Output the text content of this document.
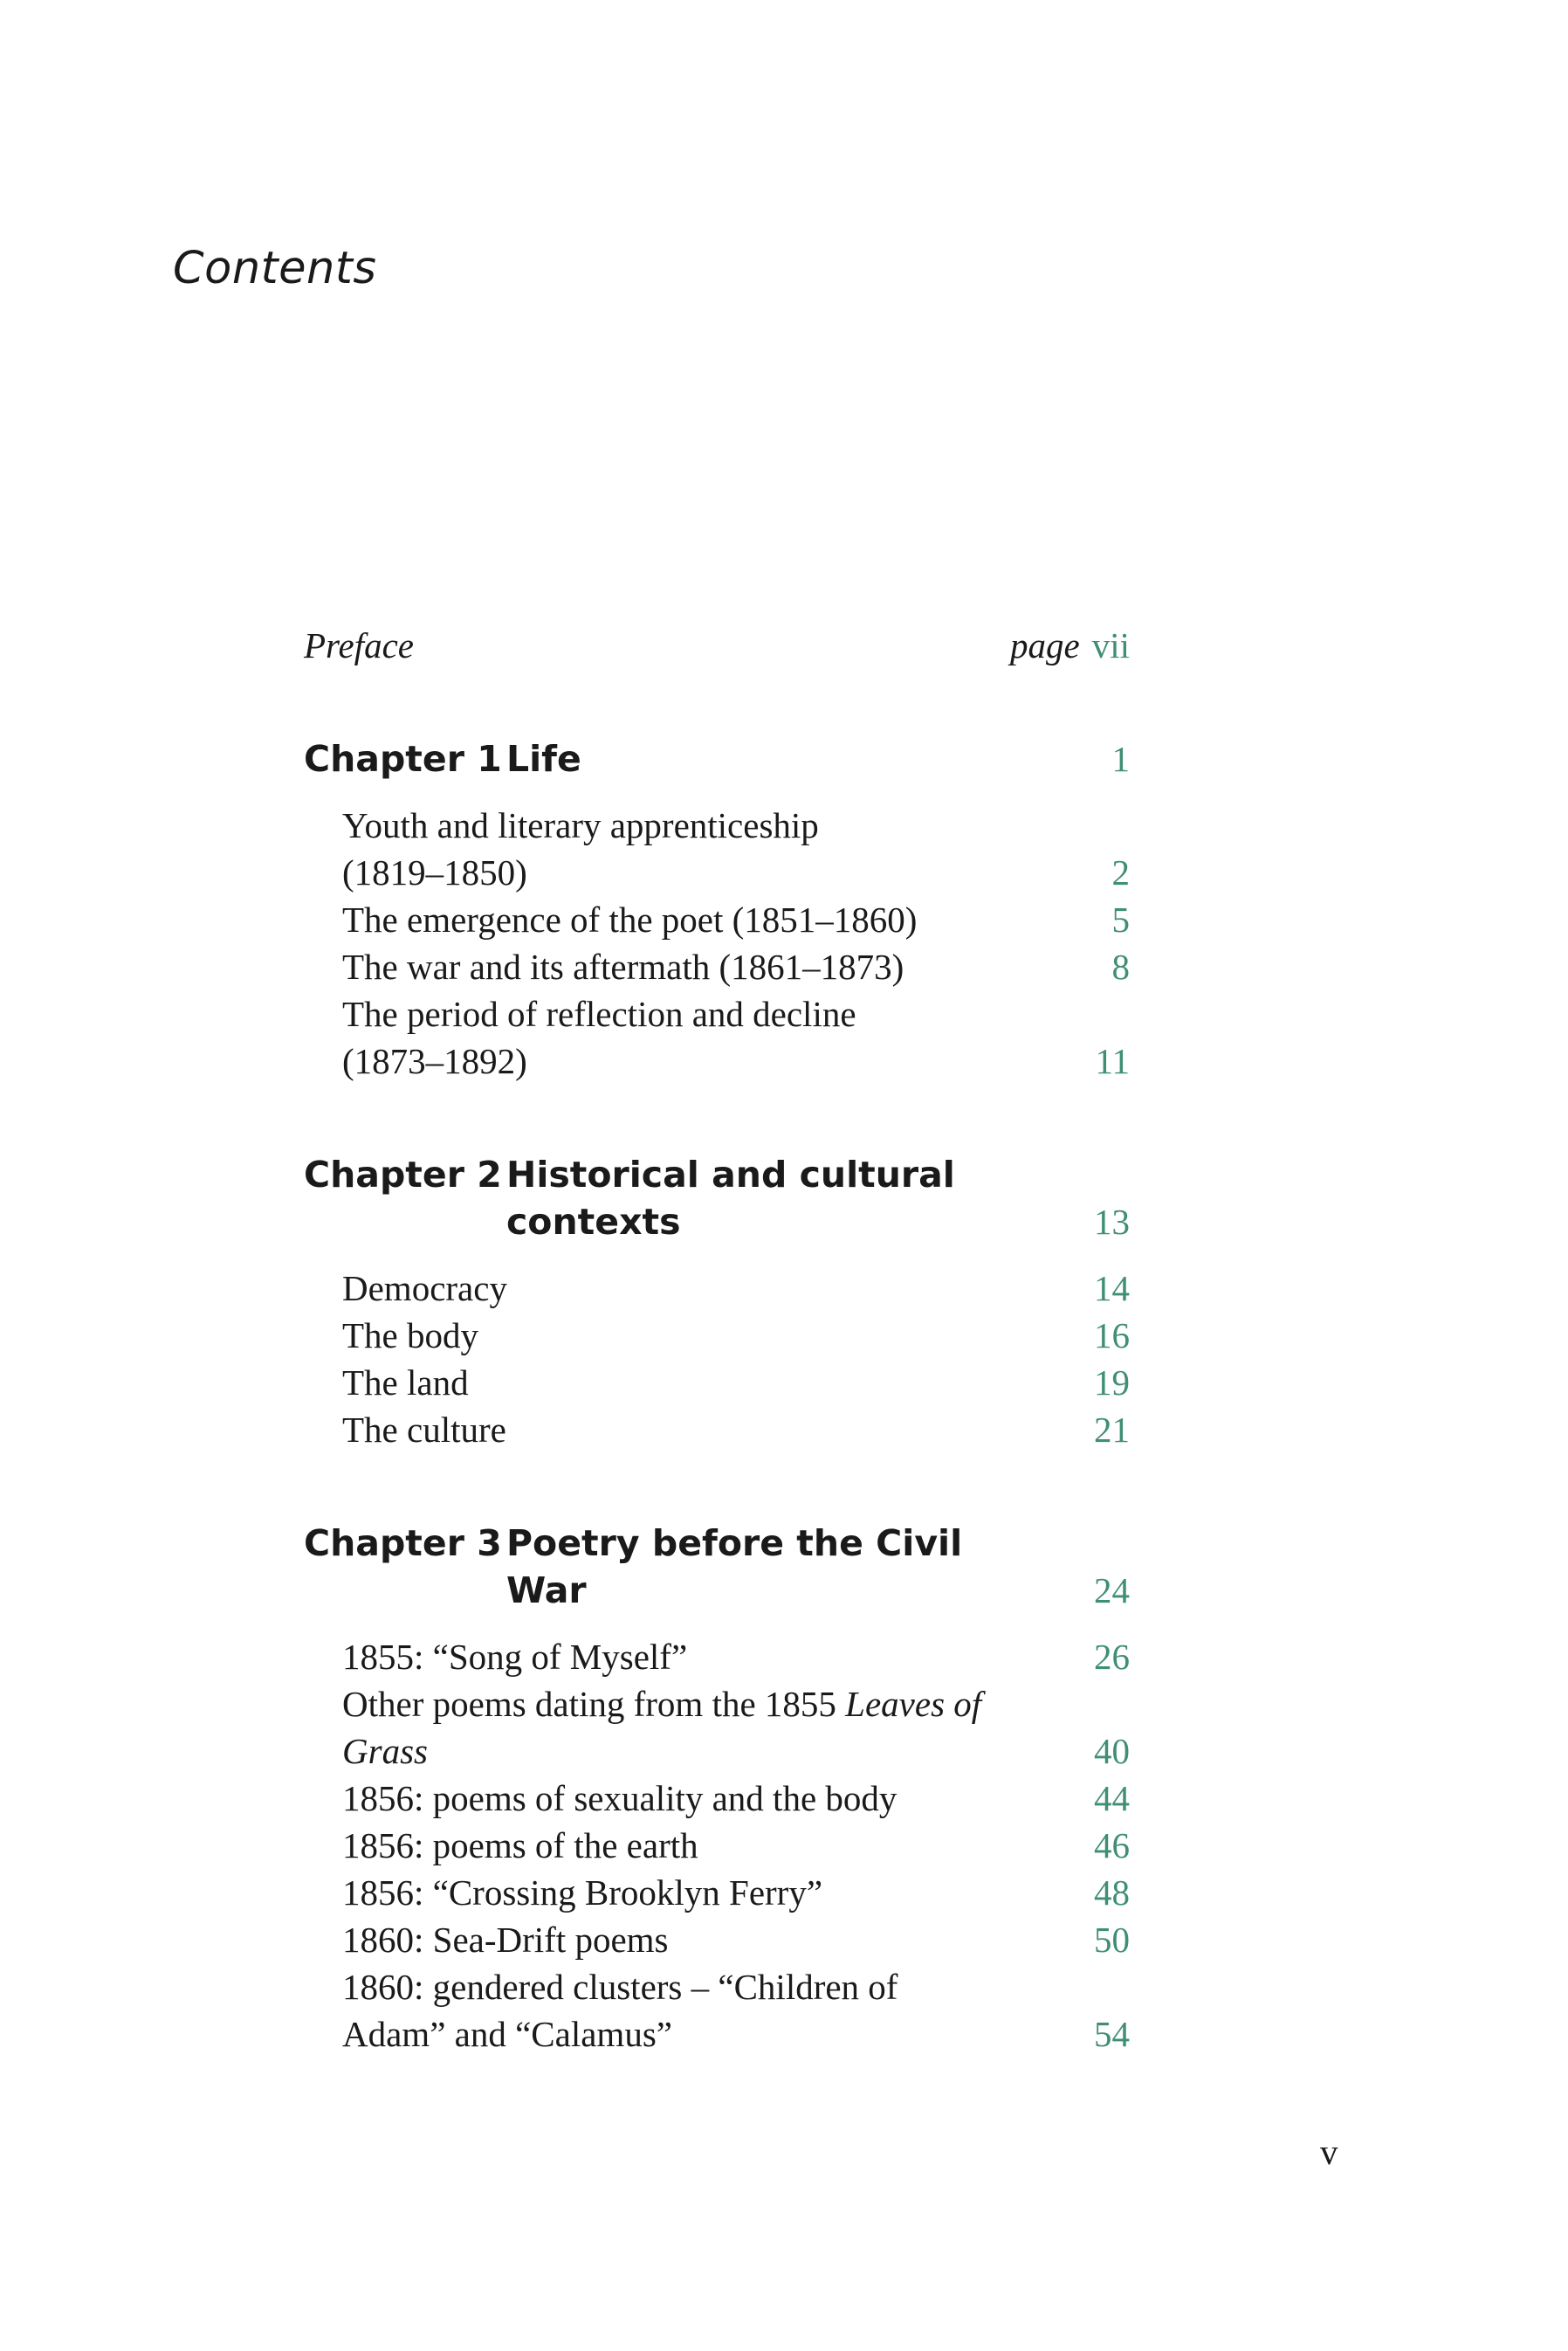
Contents
Preface	page vii
Chapter 1 Life	1
Youth and literary apprenticeship
(1819–1850)	2
The emergence of the poet (1851–1860)	5
The war and its aftermath (1861–1873)	8
The period of reflection and decline
(1873–1892)	11
Chapter 2 Historical and cultural
contexts	13
Democracy	14
The body	16
The land	19
The culture	21
Chapter 3 Poetry before the Civil War	24
1855: “Song of Myself”	26
Other poems dating from the 1855 Leaves of
Grass	40
1856: poems of sexuality and the body	44
1856: poems of the earth	46
1856: “Crossing Brooklyn Ferry”	48
1860: Sea-Drift poems	50
1860: gendered clusters – “Children of
Adam” and “Calamus”	54

v
